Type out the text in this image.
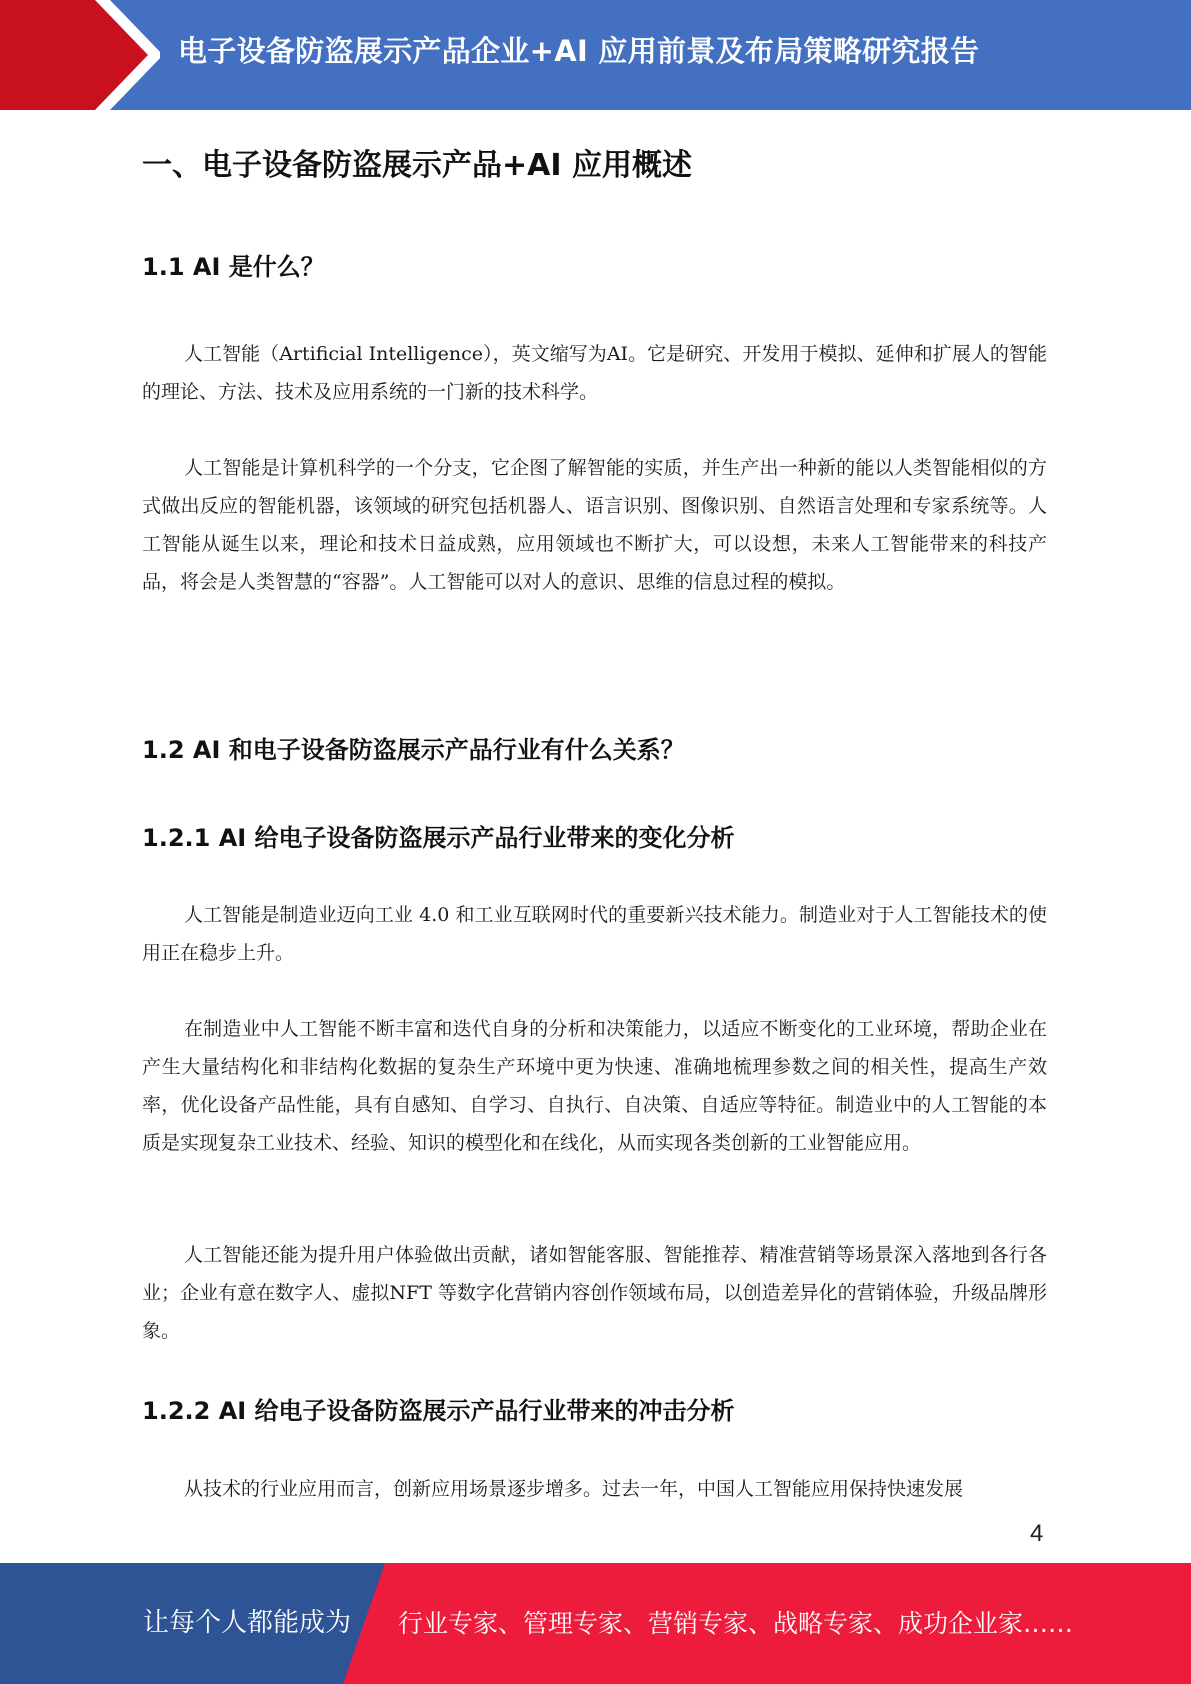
电子设备防盗展示产品企业+AI 应用前景及布局策略研究报告
一、电子设备防盗展示产品+AI 应用概述
1.1 AI 是什么？
人工智能（Artificial Intelligence），英文缩写为AI。它是研究、开发用于模拟、延伸和扩展人的智能的理论、方法、技术及应用系统的一门新的技术科学。
人工智能是计算机科学的一个分支，它企图了解智能的实质，并生产出一种新的能以人类智能相似的方式做出反应的智能机器，该领域的研究包括机器人、语言识别、图像识别、自然语言处理和专家系统等。人工智能从诞生以来，理论和技术日益成熟，应用领域也不断扩大，可以设想，未来人工智能带来的科技产品，将会是人类智慧的“容器”。人工智能可以对人的意识、思维的信息过程的模拟。
1.2 AI 和电子设备防盗展示产品行业有什么关系？
1.2.1 AI 给电子设备防盗展示产品行业带来的变化分析
人工智能是制造业迈向工业 4.0 和工业互联网时代的重要新兴技术能力。制造业对于人工智能技术的使用正在稳步上升。
在制造业中人工智能不断丰富和迭代自身的分析和决策能力，以适应不断变化的工业环境，帮助企业在产生大量结构化和非结构化数据的复杂生产环境中更为快速、准确地梳理参数之间的相关性，提高生产效率，优化设备产品性能，具有自感知、自学习、自执行、自决策、自适应等特征。制造业中的人工智能的本质是实现复杂工业技术、经验、知识的模型化和在线化，从而实现各类创新的工业智能应用。
人工智能还能为提升用户体验做出贡献，诸如智能客服、智能推荐、精准营销等场景深入落地到各行各业；企业有意在数字人、虚拟NFT 等数字化营销内容创作领域布局，以创造差异化的营销体验，升级品牌形象。
1.2.2 AI 给电子设备防盗展示产品行业带来的冲击分析
从技术的行业应用而言，创新应用场景逐步增多。过去一年，中国人工智能应用保持快速发展
4
让每个人都能成为 行业专家、管理专家、营销专家、战略专家、成功企业家……
